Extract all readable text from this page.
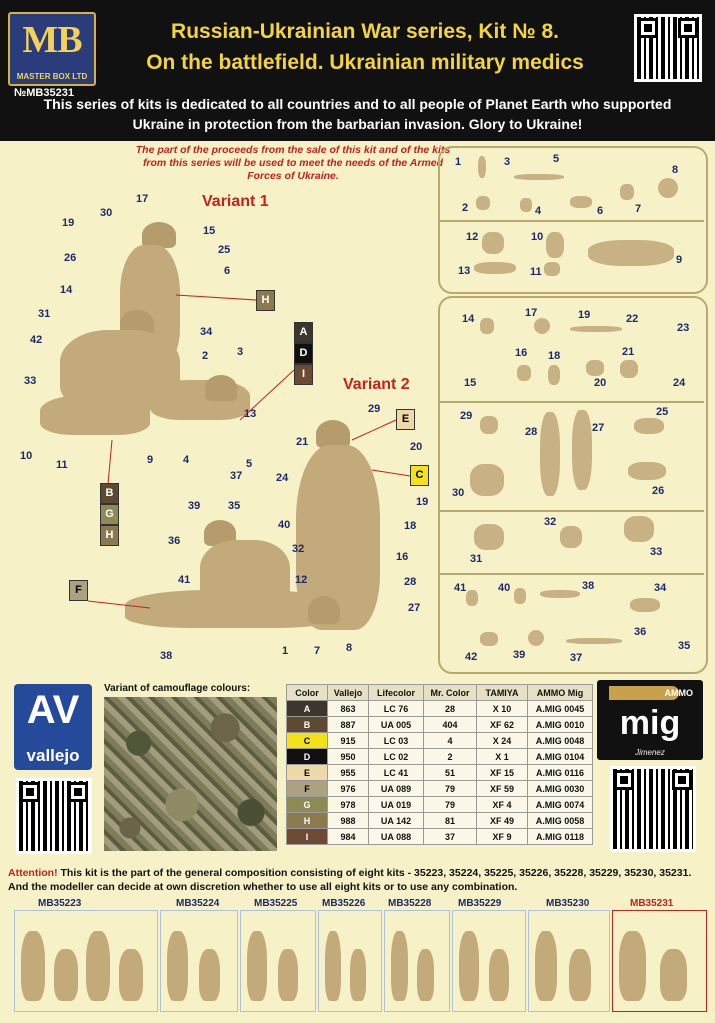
MB
MASTER BOX LTD
№MB35231
Russian-Ukrainian War series, Kit № 8.
On the battlefield. Ukrainian military medics
This series of kits is dedicated to all countries and to all people of Planet Earth who supported Ukraine in protection from the barbarian invasion. Glory to Ukraine!
The part of the proceeds from the sale of this kit and of the kits from this series will be used to meet the needs of the Armed Forces of Ukraine.
Variant 1
Variant 2
17
30
15
19
25
26
6
14
31
34
42
2	3
33
13
10
11	9	4
37
5
H
A
D
I
B
G
H
29
21	20
24
19
18
16
28
27
39	35
40
36
32
41	12
38	1 7 8
E
C
F
1	3	5
8
2	4	6	7
12	10
9
13	11
14	17	19	22
23
16 18	21
15	20	24
29
28	27
25
30	26
32
31
33
41	40	38	34
42	39	37
36
35
AV
vallejo
Variant of camouflage colours:	Color	Vallejo	Lifecolor	Mr. Color	TAMIYA	AMMO Mig
A	863	LC 76	28	X 10	A.MIG 0045
B	887	UA 005	404	XF 62	A.MIG 0010
C	915	LC 03	4	X 24	A.MIG 0048
D	950	LC 02	2	X 1	A.MIG 0104
E	955	LC 41	51	XF 15	A.MIG 0116
F	976	UA 089	79	XF 59	A.MIG 0030
G	978	UA 019	79	XF 4	A.MIG 0074
H	988	UA 142	81	XF 49	A.MIG 0058
I	984	UA 088	37	XF 9	A.MIG 0118
AMMO
mig
Jimenez
Attention! This kit is the part of the general composition consisting of eight kits - 35223, 35224, 35225, 35226, 35228, 35229, 35230, 35231. And the modeller can decide at own discretion whether to use all eight kits or to use any combination.
MB35223	MB35224	MB35225 MB35226 MB35228	MB35229	MB35230	MB35231
